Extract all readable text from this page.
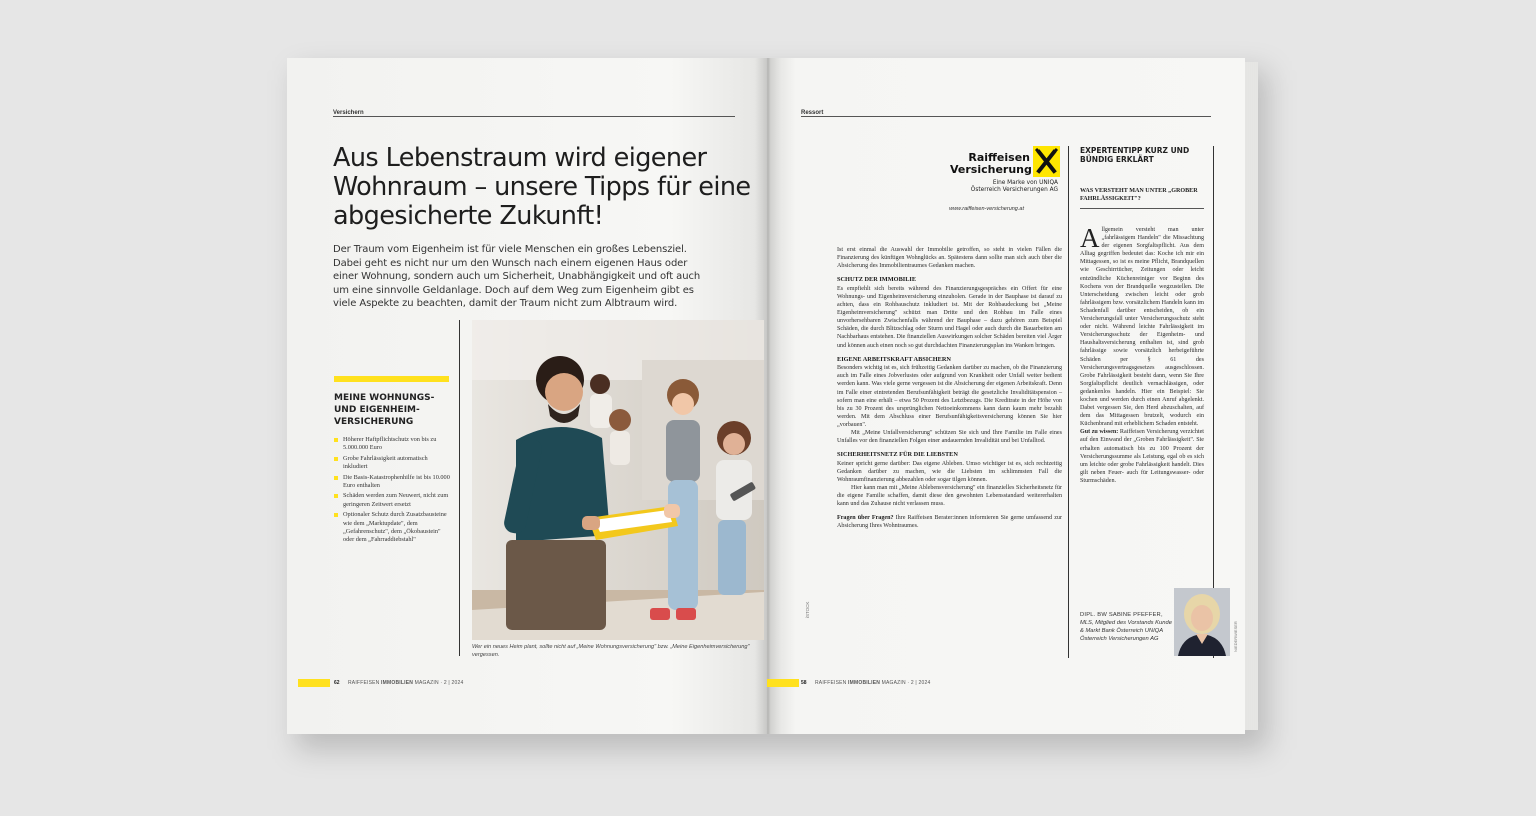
Versichern
Aus Lebenstraum wird eigener Wohnraum – unsere Tipps für eine abgesicherte Zukunft!

Der Traum vom Eigenheim ist für viele Menschen ein großes Lebensziel. Dabei geht es nicht nur um den Wunsch nach einem eigenen Haus oder einer Wohnung, sondern auch um Sicherheit, Unabhängigkeit und oft auch um eine sinnvolle Geldanlage. Doch auf dem Weg zum Eigenheim gibt es viele Aspekte zu beachten, damit der Traum nicht zum Albtraum wird.

MEINE WOHNUNGS- UND EIGENHEIM-VERSICHERUNG
Höherer Haftpflichtschutz von bis zu 5.000.000 Euro
Grobe Fahrlässigkeit automatisch inkludiert
Die Basis-Katastrophenhilfe ist bis 10.000 Euro enthalten
Schäden werden zum Neuwert, nicht zum geringeren Zeitwert ersetzt
Optionaler Schutz durch Zusatzbausteine wie dem „Marktupdate", dem „Gefahrenschutz", dem „Ökobaustein" oder dem „Fahrraddiebstahl"

Wer ein neues Heim plant, sollte nicht auf „Meine Wohnungsversicherung" bzw. „Meine Eigenheimversicherung" vergessen.

62 RAIFFEISEN IMMOBILIEN MAGAZIN · 2 | 2024
Ressort
Raiffeisen
Versicherung
Eine Marke von UNIQA
Österreich Versicherungen AG
www.raiffeisen-versicherung.at

Ist erst einmal die Auswahl der Immobilie getroffen, so steht in vielen Fällen die Finanzierung des künftigen Wohnglücks an. Spätestens dann sollte man sich auch über die Absicherung des Immobilientraumes Gedanken machen.

SCHUTZ DER IMMOBILIE

Es empfiehlt sich bereits während des Finanzierungsgespräches ein Offert für eine Wohnungs- und Eigenheimversicherung einzuholen. Gerade in der Bauphase ist darauf zu achten, dass ein Rohbauschutz inkludiert ist. Mit der Rohbaudeckung bei „Meine Eigenheimversicherung" schützt man Dritte und den Rohbau im Falle eines unvorhersehbaren Zwischenfalls während der Bauphase – dazu gehören zum Beispiel Schäden, die durch Blitzschlag oder Sturm und Hagel oder auch durch die Bauarbeiten am Nachbarhaus entstehen. Die finanziellen Auswirkungen solcher Schäden bereiten viel Ärger und können auch einen noch so gut durchdachten Finanzierungsplan ins Wanken bringen.

EIGENE ARBEITSKRAFT ABSICHERN

Besonders wichtig ist es, sich frühzeitig Gedanken darüber zu machen, ob die Finanzierung auch im Falle eines Jobverlustes oder aufgrund von Krankheit oder Unfall weiter bedient werden kann. Was viele gerne vergessen ist die Absicherung der eigenen Arbeitskraft. Denn im Falle einer eintretenden Berufsunfähigkeit beträgt die gesetzliche Invaliditätspension – sofern man eine erhält – etwa 50 Prozent des Letztbezugs. Die Kreditrate in der Höhe von bis zu 30 Prozent des ursprünglichen Nettoeinkommens kann dann kaum mehr bezahlt werden. Mit dem Abschluss einer Berufsunfähigkeitsversicherung können Sie hier „vorbauen".

Mit „Meine Unfallversicherung" schützen Sie sich und Ihre Familie im Falle eines Unfalles vor den finanziellen Folgen einer andauernden Invalidität und bei Unfalltod.

SICHERHEITSNETZ FÜR DIE LIEBSTEN

Keiner spricht gerne darüber: Das eigene Ableben. Umso wichtiger ist es, sich rechtzeitig Gedanken darüber zu machen, wie die Liebsten im schlimmsten Fall die Wohnraumfinanzierung abbezahlen oder sogar tilgen können.

Hier kann man mit „Meine Ablebensversicherung" ein finanzielles Sicherheitsnetz für die eigene Familie schaffen, damit diese den gewohnten Lebensstandard weitererhalten kann und das Zuhause nicht verlassen muss.

Fragen über Fragen? Ihre Raiffeisen Berater:innen informieren Sie gerne umfassend zur Absicherung Ihres Wohntraumes.

iSTOCK
EXPERTENTIPP KURZ UND BÜNDIG ERKLÄRT
WAS VERSTEHT MAN UNTER „GROBER FAHRLÄSSIGKEIT"?
Allgemein versteht man unter „fahrlässigem Handeln" die Missachtung der eigenen Sorgfaltspflicht. Aus dem Alltag gegriffen bedeutet das: Koche ich mir ein Mittagessen, so ist es meine Pflicht, Brandquellen wie Geschirrtücher, Zeitungen oder leicht entzündliche Küchenreiniger vor Beginn des Kochens von der Brandquelle wegzustellen. Die Unterscheidung zwischen leicht oder grob fahrlässigem bzw. vorsätzlichem Handeln kann im Schadenfall darüber entscheiden, ob ein Versicherungsfall unter Versicherungsschutz steht oder nicht. Während leichte Fahrlässigkeit im Versicherungsschutz der Eigenheim- und Haushaltsversicherung enthalten ist, sind grob fahrlässige sowie vorsätzlich herbeigeführte Schäden per § 61 des Versicherungsvertragsgesetzes ausgeschlossen. Grobe Fahrlässigkeit besteht dann, wenn Sie Ihre Sorgfaltspflicht deutlich vernachlässigen, oder gedankenlos handeln. Hier ein Beispiel: Sie kochen und werden durch einen Anruf abgelenkt. Dabei vergessen Sie, den Herd abzuschalten, auf dem das Mittagessen brutzelt, wodurch ein Küchenbrand mit erheblichem Schaden entsteht.
Gut zu wissen: Raiffeisen Versicherung verzichtet auf den Einwand der „Groben Fahrlässigkeit". Sie erhalten automatisch bis zu 100 Prozent der Versicherungssumme als Leistung, egal ob es sich um leichte oder grobe Fahrlässigkeit handelt. Dies gilt neben Feuer- auch für Leitungswasser- oder Sturmschäden.
DIPL. BW SABINE PFEFFER,
MLS, Mitglied des Vorstands Kunde & Markt Bank Österreich UNIQA Österreich Versicherungen AG	NIEDERWIESER
58 RAIFFEISEN IMMOBILIEN MAGAZIN · 2 | 2024
